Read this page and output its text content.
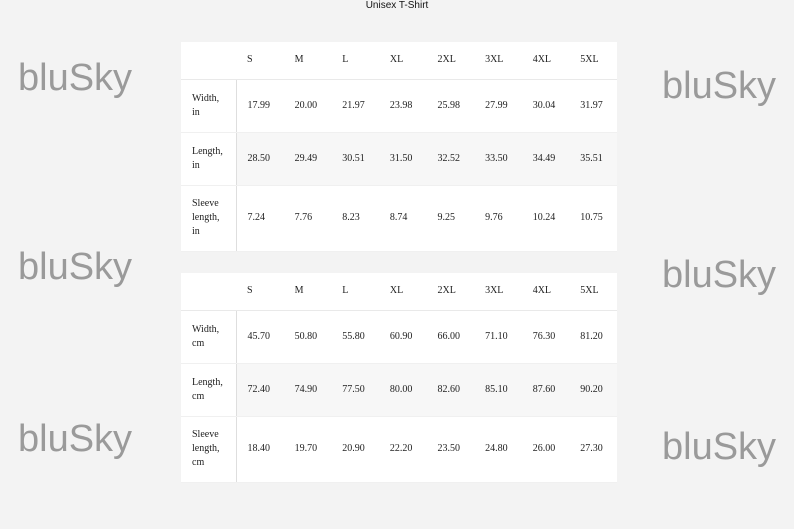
Unisex T-Shirt
bluSky
bluSky
bluSky
bluSky
bluSky
bluSky
	S	M	L	XL	2XL	3XL	4XL	5XL
Width,
in	17.99	20.00	21.97	23.98	25.98	27.99	30.04	31.97
Length,
in	28.50	29.49	30.51	31.50	32.52	33.50	34.49	35.51
Sleeve
length,
in	7.24	7.76	8.23	8.74	9.25	9.76	10.24	10.75
	S	M	L	XL	2XL	3XL	4XL	5XL
Width,
cm	45.70	50.80	55.80	60.90	66.00	71.10	76.30	81.20
Length,
cm	72.40	74.90	77.50	80.00	82.60	85.10	87.60	90.20
Sleeve
length,
cm	18.40	19.70	20.90	22.20	23.50	24.80	26.00	27.30
